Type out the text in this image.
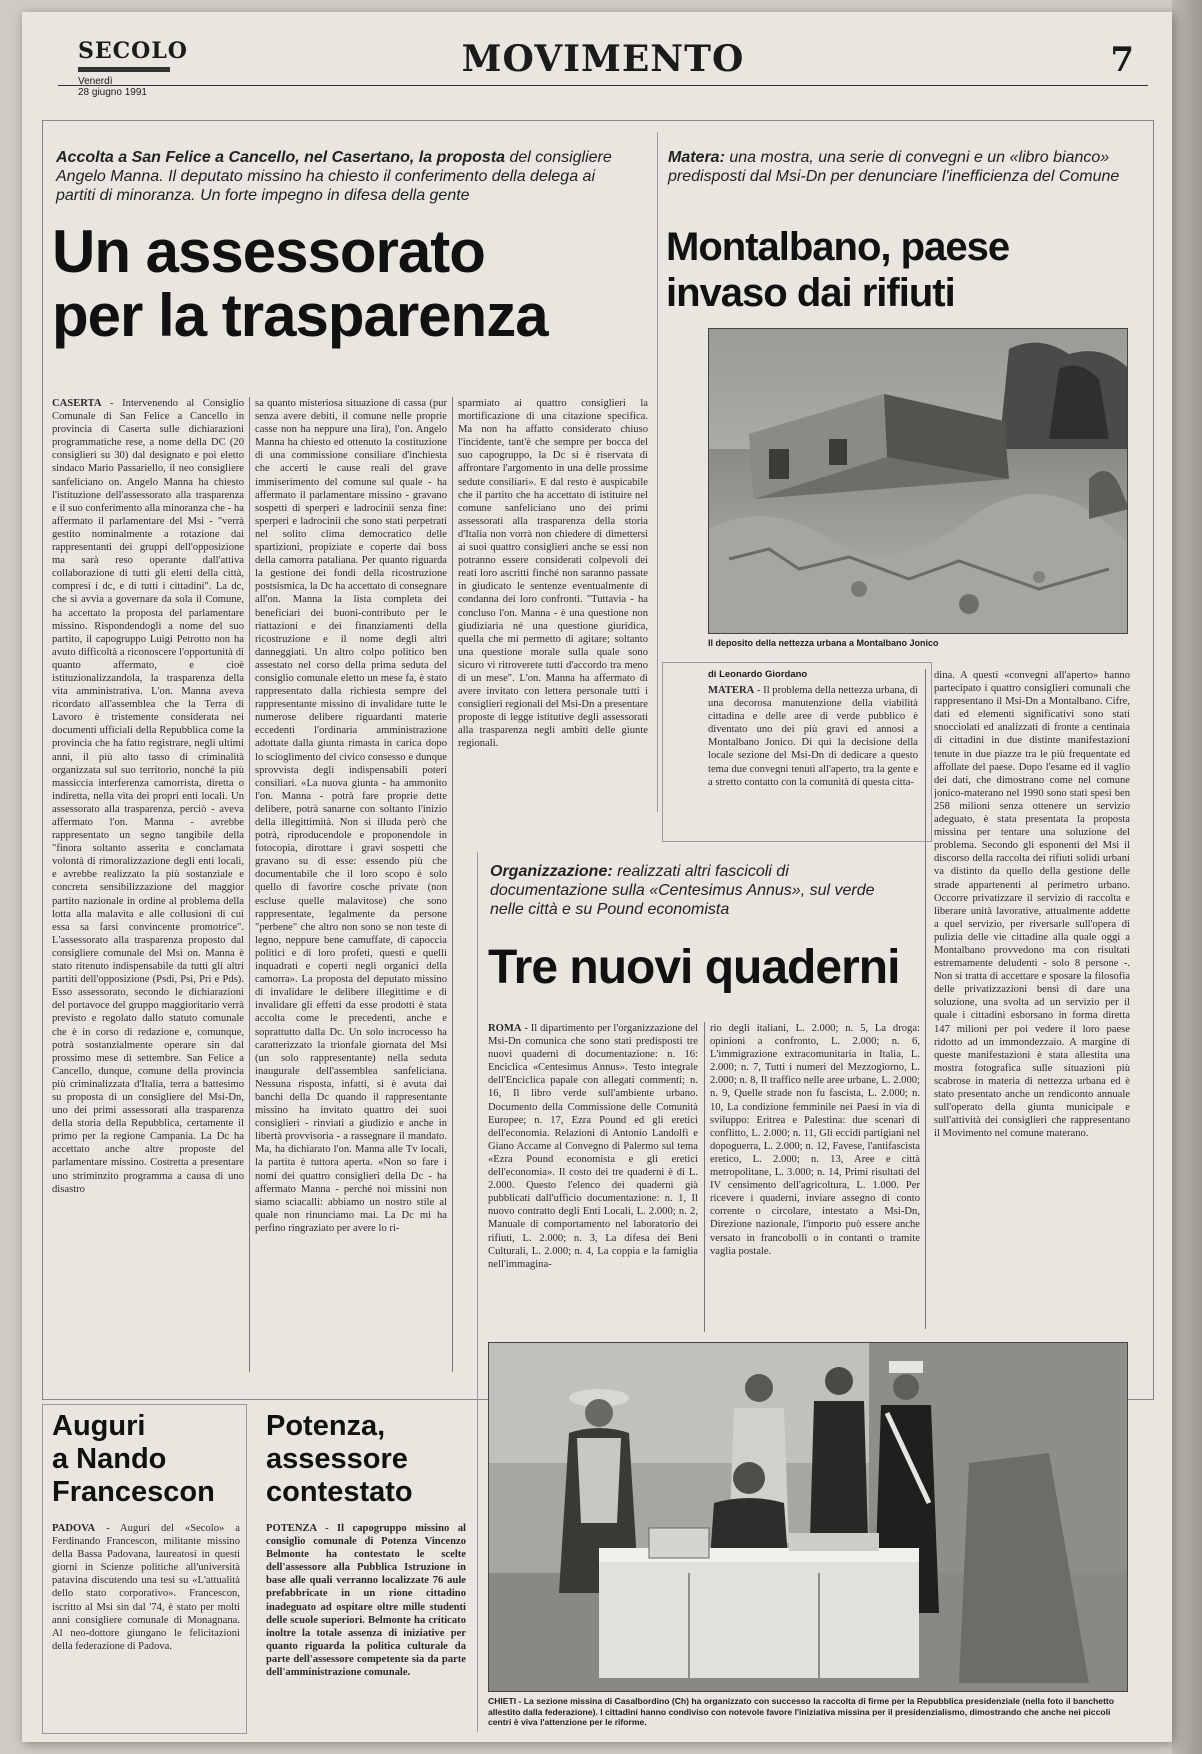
SECOLO
Venerdì
28 giugno 1991
MOVIMENTO	7
Accolta a San Felice a Cancello, nel Casertano, la proposta del consigliere Angelo Manna. Il deputato missino ha chiesto il conferimento della delega ai partiti di minoranza. Un forte impegno in difesa della gente
Un assessorato
per la trasparenza
CASERTA - Intervenendo al Consiglio Comunale di San Felice a Cancello in provincia di Caserta sulle dichiarazioni programmatiche rese, a nome della DC (20 consiglieri su 30) dal designato e poi eletto sindaco Mario Passariello, il neo consigliere sanfeliciano on. Angelo Manna ha chiesto l'istituzione dell'assessorato alla trasparenza e il suo conferimento alla minoranza che - ha affermato il parlamentare del Msi - "verrà gestito nominalmente a rotazione dai rappresentanti dei gruppi dell'opposizione ma sarà reso operante dall'attiva collaborazione di tutti gli eletti della città, compresi i dc, e di tutti i cittadini". La dc, che si avvia a governare da sola il Comune, ha accettato la proposta del parlamentare missino. Rispondendogli a nome del suo partito, il capogruppo Luigi Petrotto non ha avuto difficoltà a riconoscere l'opportunità di quanto affermato, e cioè istituzionalizzandola, la trasparenza della vita amministrativa. L'on. Manna aveva ricordato all'assemblea che la Terra di Lavoro è tristemente considerata nei documenti ufficiali della Repubblica come la provincia che ha fatto registrare, negli ultimi anni, il più alto tasso di criminalità organizzata sul suo territorio, nonché la più massiccia interferenza camorrista, diretta o indiretta, nella vita dei propri enti locali. Un assessorato alla trasparenza, perciò - aveva affermato l'on. Manna - avrebbe rappresentato un segno tangibile della "finora soltanto asserita e conclamata volontà di rimoralizzazione degli enti locali, e avrebbe realizzato la più sostanziale e concreta sensibilizzazione del maggior partito nazionale in ordine al problema della lotta alla malavita e alle collusioni di cui essa sa farsi convincente promotrice". L'assessorato alla trasparenza proposto dal consigliere comunale del Msi on. Manna è stato ritenuto indispensabile da tutti gli altri partiti dell'opposizione (Psdi, Psi, Pri e Pds). Esso assessorato, secondo le dichiarazioni del portavoce del gruppo maggioritario verrà previsto e regolato dallo statuto comunale che è in corso di redazione e, comunque, potrà sostanzialmente operare sin dal prossimo mese di settembre. San Felice a Cancello, dunque, comune della provincia più criminalizzata d'Italia, terra a battesimo su proposta di un consigliere del Msi-Dn, uno dei primi assessorati alla trasparenza della storia della Repubblica, certamente il primo per la regione Campania. La Dc ha accettato anche altre proposte del parlamentare missino. Costretta a presentare uno striminzito programma a causa di uno disastro
sa quanto misteriosa situazione di cassa (pur senza avere debiti, il comune nelle proprie casse non ha neppure una lira), l'on. Angelo Manna ha chiesto ed ottenuto la costituzione di una commissione consiliare d'inchiesta che accerti le cause reali del grave immiserimento del comune sul quale - ha affermato il parlamentare missino - gravano sospetti di sperperi e ladrocinii senza fine: sperperi e ladrocinii che sono stati perpetrati nel solito clima democratico delle spartizioni, propiziate e coperte dai boss della camorra pataliana. Per quanto riguarda la gestione dei fondi della ricostruzione postsismica, la Dc ha accettato di consegnare all'on. Manna la lista completa dei beneficiari dei buoni-contributo per le riattazioni e dei finanziamenti della ricostruzione e il nome degli altri danneggiati. Un altro colpo politico ben assestato nel corso della prima seduta del consiglio comunale eletto un mese fa, è stato rappresentato dalla richiesta sempre del rappresentante missino di invalidare tutte le numerose delibere riguardanti materie eccedenti l'ordinaria amministrazione adottate dalla giunta rimasta in carica dopo lo scioglimento del civico consesso e dunque sprovvista degli indispensabili poteri consiliari. «La nuova giunta - ha ammonito l'on. Manna - potrà fare proprie dette delibere, potrà sanarne con soltanto l'inizio della illegittimità. Non si illuda però che potrà, riproducendole e proponendole in fotocopia, dirottare i gravi sospetti che gravano su di esse: essendo più che documentabile che il loro scopo è solo quello di favorire cosche private (non escluse quelle malavitose) che sono rappresentate, legalmente da persone "perbene" che altro non sono se non teste di legno, neppure bene camuffate, di capoccia politici e di loro profeti, questi e quelli inquadrati e coperti negli organici della camorra». La proposta del deputato missino di invalidare le delibere illegittime e di invalidare gli effetti da esse prodotti è stata accolta come le precedenti, anche e soprattutto dalla Dc. Un solo incrocesso ha caratterizzato la trionfale giornata del Msi (un solo rappresentante) nella seduta inaugurale dell'assemblea sanfeliciana. Nessuna risposta, infatti, si è avuta dai banchi della Dc quando il rappresentante missino ha invitato quattro dei suoi consiglieri - rinviati a giudizio e anche in libertà provvisoria - a rassegnare il mandato. Ma, ha dichiarato l'on. Manna alle Tv locali, la partita è tuttora aperta. «Non so fare i nomi dei quattro consiglieri della Dc - ha affermato Manna - perché noi missini non siamo sciacalli: abbiamo un nostro stile al quale non rinunciamo mai. La Dc mi ha perfino ringraziato per avere lo ri-
sparmiato ai quattro consiglieri la mortificazione di una citazione specifica. Ma non ha affatto considerato chiuso l'incidente, tant'è che sempre per bocca del suo capogruppo, la Dc si è riservata di affrontare l'argomento in una delle prossime sedute consiliari». E dal resto è auspicabile che il partito che ha accettato di istituire nel comune sanfeliciano uno dei primi assessorati alla trasparenza della storia d'Italia non vorrà non chiedere di dimettersi ai suoi quattro consiglieri anche se essi non potranno essere considerati colpevoli dei reati loro ascritti finché non saranno passate in giudicato le sentenze eventualmente di condanna dei loro confronti. "Tuttavia - ha concluso l'on. Manna - è una questione non giudiziaria né una questione giuridica, quella che mi permetto di agitare; soltanto una questione morale sulla quale sono sicuro vi ritroverete tutti d'accordo tra meno di un mese". L'on. Manna ha affermato di avere invitato con lettera personale tutti i consiglieri regionali del Msi-Dn a presentare proposte di legge istitutive degli assessorati alla trasparenza negli ambiti delle giunte regionali.
Matera: una mostra, una serie di convegni e un «libro bianco» predisposti dal Msi-Dn per denunciare l'inefficienza del Comune
Montalbano, paese
invaso dai rifiuti
Il deposito della nettezza urbana a Montalbano Jonico
di Leonardo Giordano
MATERA - Il problema della nettezza urbana, di una decorosa manutenzione della viabilità cittadina e delle aree di verde pubblico è diventato uno dei più gravi ed annosi a Montalbano Jonico. Di qui la decisione della locale sezione del Msi-Dn di dedicare a questo tema due convegni tenuti all'aperto, tra la gente e a stretto contatto con la comunità di questa citta-
dina. A questi «convegni all'aperto» hanno partecipato i quattro consiglieri comunali che rappresentano il Msi-Dn a Montalbano. Cifre, dati ed elementi significativi sono stati snocciolati ed analizzati di fronte a centinaia di cittadini in due distinte manifestazioni tenute in due piazze tra le più frequentate ed affollate del paese. Dopo l'esame ed il vaglio dei dati, che dimostrano come nel comune jonico-materano nel 1990 sono stati spesi ben 258 milioni senza ottenere un servizio adeguato, è stata presentata la proposta missina per tentare una soluzione del problema. Secondo gli esponenti del Msi il discorso della raccolta dei rifiuti solidi urbani va distinto da quello della gestione delle strade appartenenti al perimetro urbano. Occorre privatizzare il servizio di raccolta e liberare unità lavorative, attualmente addette a quel servizio, per riversarle sull'opera di pulizia delle vie cittadine alla quale oggi a Montalbano provvedono ma con risultati estremamente deludenti - solo 8 persone -. Non si tratta di accettare e sposare la filosofia delle privatizzazioni bensì di dare una soluzione, una svolta ad un servizio per il quale i cittadini esborsano in forma diretta 147 milioni per poi vedere il loro paese ridotto ad un immondezzaio. A margine di queste manifestazioni è stata allestita una mostra fotografica sulle situazioni più scabrose in materia di nettezza urbana ed è stato presentato anche un rendiconto annuale sull'operato della giunta municipale e sull'attività dei consiglieri che rappresentano il Movimento nel comune materano.
Organizzazione: realizzati altri fascicoli di documentazione sulla «Centesimus Annus», sul verde nelle città e su Pound economista
Tre nuovi quaderni
ROMA - Il dipartimento per l'organizzazione del Msi-Dn comunica che sono stati predisposti tre nuovi quaderni di documentazione: n. 16: Enciclica «Centesimus Annus». Testo integrale dell'Enciclica papale con allegati commenti; n. 16, Il libro verde sull'ambiente urbano. Documento della Commissione delle Comunità Europee; n. 17, Ezra Pound ed gli eretici dell'economia. Relazioni di Antonio Landolfi e Giano Accame al Convegno di Palermo sul tema «Ezra Pound economista e gli eretici dell'economia». Il costo dei tre quaderni è di L. 2.000. Questo l'elenco dei quaderni già pubblicati dall'ufficio documentazione: n. 1, Il nuovo contratto degli Enti Locali, L. 2.000; n. 2, Manuale di comportamento nel laboratorio dei rifiuti, L. 2.000; n. 3, La difesa dei Beni Culturali, L. 2.000; n. 4, La coppia e la famiglia nell'immagina-
rio degli italiani, L. 2.000; n. 5, La droga: opinioni a confronto, L. 2.000; n. 6, L'immigrazione extracomunitaria in Italia, L. 2.000; n. 7, Tutti i numeri del Mezzogiorno, L. 2.000; n. 8, Il traffico nelle aree urbane, L. 2.000; n. 9, Quelle strade non fu fascista, L. 2.000; n. 10, La condizione femminile nei Paesi in via di sviluppo: Eritrea e Palestina: due scenari di conflitto, L. 2.000; n. 11, Gli eccidi partigiani nel dopoguerra, L. 2.000; n. 12, Favese, l'antifascista eretico, L. 2.000; n. 13, Aree e città metropolitane, L. 3.000; n. 14, Primi risultati del IV censimento dell'agricoltura, L. 1.000. Per ricevere i quaderni, inviare assegno di conto corrente o circolare, intestato a Msi-Dn, Direzione nazionale, l'importo può essere anche versato in francobolli o in contanti o tramite vaglia postale.
Auguri
a Nando
Francescon
PADOVA - Auguri del «Secolo» a Ferdinando Francescon, militante missino della Bassa Padovana, laureatosi in questi giorni in Scienze politiche all'università patavina discutendo una tesi su «L'attualità dello stato corporativo». Francescon, iscritto al Msi sin dal '74, è stato per molti anni consigliere comunale di Monagnana. Al neo-dottore giungano le felicitazioni della federazione di Padova.
Potenza,
assessore
contestato
POTENZA - Il capogruppo missino al consiglio comunale di Potenza Vincenzo Belmonte ha contestato le scelte dell'assessore alla Pubblica Istruzione in base alle quali verranno localizzate 76 aule prefabbricate in un rione cittadino inadeguato ad ospitare oltre mille studenti delle scuole superiori. Belmonte ha criticato inoltre la totale assenza di iniziative per quanto riguarda la politica culturale da parte dell'assessore competente sia da parte dell'amministrazione comunale.
CHIETI - La sezione missina di Casalbordino (Ch) ha organizzato con successo la raccolta di firme per la Repubblica presidenziale (nella foto il banchetto allestito dalla federazione). I cittadini hanno condiviso con notevole favore l'iniziativa missina per il presidenzialismo, dimostrando che anche nei piccoli centri è viva l'attenzione per le riforme.
